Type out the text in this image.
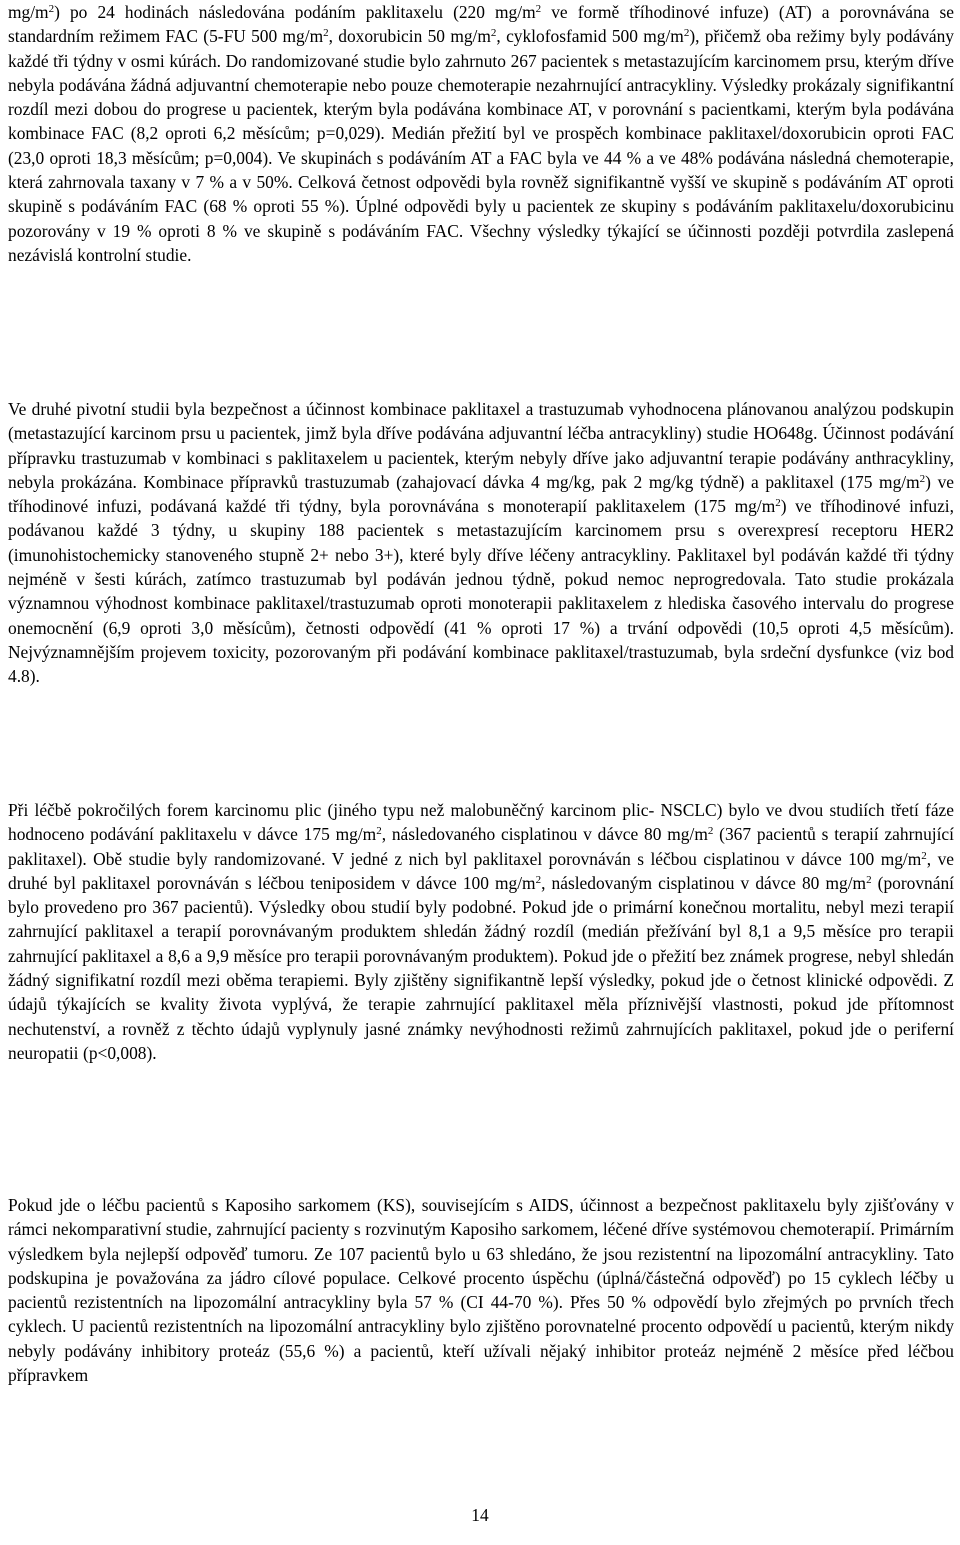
$mg/m^2$) po 24 hodinách následována podáním paklitaxelu (220 $mg/m^2$ ve formě tříhodinové infuze) (AT) a porovnávána se standardním režimem FAC (5-FU 500 $mg/m^2$, doxorubicin 50 $mg/m^2$, cyklofosfamid 500 $mg/m^2$), přičemž oba režimy byly podávány každé tři týdny v osmi kúrách. Do randomizované studie bylo zahrnuto 267 pacientek s metastazujícím karcinomem prsu, kterým dříve nebyla podávána žádná adjuvantní chemoterapie nebo pouze chemoterapie nezahrnující antracykliny. Výsledky prokázaly signifikantní rozdíl mezi dobou do progrese u pacientek, kterým byla podávána kombinace AT, v porovnání s pacientkami, kterým byla podávána kombinace FAC (8,2 oproti 6,2 měsícům; p=0,029). Medián přežití byl ve prospěch kombinace paklitaxel/doxorubicin oproti FAC (23,0 oproti 18,3 měsícům; p=0,004). Ve skupinách s podáváním AT a FAC byla ve 44 % a ve 48% podávána následná chemoterapie, která zahrnovala taxany v 7 % a v 50%. Celková četnost odpovědi byla rovněž signifikantně vyšší ve skupině s podáváním AT oproti skupině s podáváním FAC (68 % oproti 55 %). Úplné odpovědi byly u pacientek ze skupiny s podáváním paklitaxelu/doxorubicinu pozorovány v 19 % oproti 8 % ve skupině s podáváním FAC. Všechny výsledky týkající se účinnosti později potvrdila zaslepená nezávislá kontrolní studie.

Ve druhé pivotní studii byla bezpečnost a účinnost kombinace paklitaxel a trastuzumab vyhodnocena plánovanou analýzou podskupin (metastazující karcinom prsu u pacientek, jimž byla dříve podávána adjuvantní léčba antracykliny) studie HO648g. Účinnost podávání přípravku trastuzumab v kombinaci s paklitaxelem u pacientek, kterým nebyly dříve jako adjuvantní terapie podávány anthracykliny, nebyla prokázána. Kombinace přípravků trastuzumab (zahajovací dávka 4 mg/kg, pak 2 mg/kg týdně) a paklitaxel (175 $mg/m^2$) ve tříhodinové infuzi, podávaná každé tři týdny, byla porovnávána s monoterapií paklitaxelem (175 $mg/m^2$) ve tříhodinové infuzi, podávanou každé 3 týdny, u skupiny 188 pacientek s metastazujícím karcinomem prsu s overexpresí receptoru HER2 (imunohistochemicky stanoveného stupně 2+ nebo 3+), které byly dříve léčeny antracykliny. Paklitaxel byl podáván každé tři týdny nejméně v šesti kúrách, zatímco trastuzumab byl podáván jednou týdně, pokud nemoc neprogredovala. Tato studie prokázala významnou výhodnost kombinace paklitaxel/trastuzumab oproti monoterapii paklitaxelem z hlediska časového intervalu do progrese onemocnění (6,9 oproti 3,0 měsícům), četnosti odpovědí (41 % oproti 17 %) a trvání odpovědi (10,5 oproti 4,5 měsícům). Nejvýznamnějším projevem toxicity, pozorovaným při podávání kombinace paklitaxel/trastuzumab, byla srdeční dysfunkce (viz bod 4.8).

Při léčbě pokročilých forem karcinomu plic (jiného typu než malobuněčný karcinom plic- NSCLC) bylo ve dvou studiích třetí fáze hodnoceno podávání paklitaxelu v dávce 175 $mg/m^2$, následovaného cisplatinou v dávce 80 $mg/m^2$ (367 pacientů s terapií zahrnující paklitaxel). Obě studie byly randomizované. V jedné z nich byl paklitaxel porovnáván s léčbou cisplatinou v dávce 100 $mg/m^2$, ve druhé byl paklitaxel porovnáván s léčbou teniposidem v dávce 100 $mg/m^2$, následovaným cisplatinou v dávce 80 $mg/m^2$ (porovnání bylo provedeno pro 367 pacientů). Výsledky obou studií byly podobné. Pokud jde o primární konečnou mortalitu, nebyl mezi terapií zahrnující paklitaxel a terapií porovnávaným produktem shledán žádný rozdíl (medián přežívání byl 8,1 a 9,5 měsíce pro terapii zahrnující paklitaxel a 8,6 a 9,9 měsíce pro terapii porovnávaným produktem). Pokud jde o přežití bez známek progrese, nebyl shledán žádný signifikatní rozdíl mezi oběma terapiemi. Byly zjištěny signifikantně lepší výsledky, pokud jde o četnost klinické odpovědi. Z údajů týkajících se kvality života vyplývá, že terapie zahrnující paklitaxel měla příznivější vlastnosti, pokud jde přítomnost nechutenství, a rovněž z těchto údajů vyplynuly jasné známky nevýhodnosti režimů zahrnujících paklitaxel, pokud jde o periferní neuropatii (p<0,008).

Pokud jde o léčbu pacientů s Kaposiho sarkomem (KS), souvisejícím s AIDS, účinnost a bezpečnost paklitaxelu byly zjišťovány v rámci nekomparativní studie, zahrnující pacienty s rozvinutým Kaposiho sarkomem, léčené dříve systémovou chemoterapií. Primárním výsledkem byla nejlepší odpověď tumoru. Ze 107 pacientů bylo u 63 shledáno, že jsou rezistentní na lipozomální antracykliny. Tato podskupina je považována za jádro cílové populace. Celkové procento úspěchu (úplná/částečná odpověď) po 15 cyklech léčby u pacientů rezistentních na lipozomální antracykliny byla 57 % (CI 44-70 %). Přes 50 % odpovědí bylo zřejmých po prvních třech cyklech. U pacientů rezistentních na lipozomální antracykliny bylo zjištěno porovnatelné procento odpovědí u pacientů, kterým nikdy nebyly podávány inhibitory proteáz (55,6 %) a pacientů, kteří užívali nějaký inhibitor proteáz nejméně 2 měsíce před léčbou přípravkem

14
